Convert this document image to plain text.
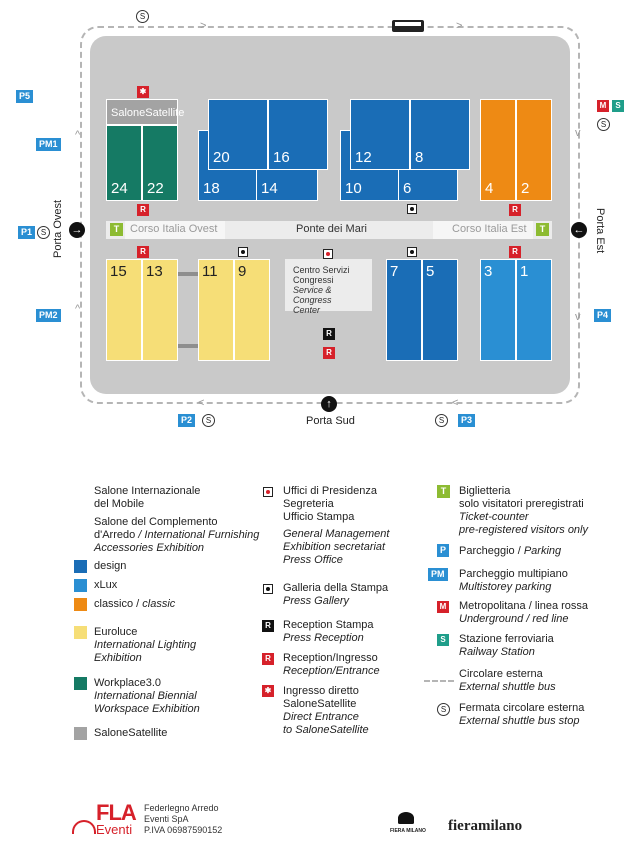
S
>	>
✱
SaloneSatellite
24 22
R
18	14
20	16
10	6
12	8
4 2
R
Ponte dei Mari
T	T
R	R
15 13	11 9	Centro Servizi
Congressi
Service & Congress
Center
R
R
7 5	3 1
P5
PM1
P1	S
PM2
^
^
→
Porta Ovest
M	S
S
v
v
← Porta Est
P4
↑
Porta Sud
<	<
P2	S	S	P3
Salone Internazionale
del Mobile
Salone del Complemento
d'Arredo / International Furnishing
Accessories Exhibition
design
xLux
classico / classic
Euroluce
International Lighting
Exhibition
Workplace3.0
International Biennial
Workspace Exhibition
SaloneSatellite
Uffici di Presidenza
Segreteria
Ufficio Stampa
General Management
Exhibition secretariat
Press Office
Galleria della Stampa
Press Gallery
R Reception Stampa
Press Reception
R Reception/Ingresso
Reception/Entrance
✱ Ingresso diretto
SaloneSatellite
Direct Entrance
to SaloneSatellite
T	Biglietteria
solo visitatori preregistrati
Ticket-counter
pre-registered visitors only
P Parcheggio / Parking
PM Parcheggio multipiano
Multistorey parking
M Metropolitana / linea rossa
Underground / red line
S	Stazione ferroviaria
Railway Station
Circolare esterna
External shuttle bus
S	Fermata circolare esterna
External shuttle bus stop
FLA
Eventi
Federlegno Arredo
Eventi SpA
P.IVA 06987590152	FIERA MILANO fieramilano
